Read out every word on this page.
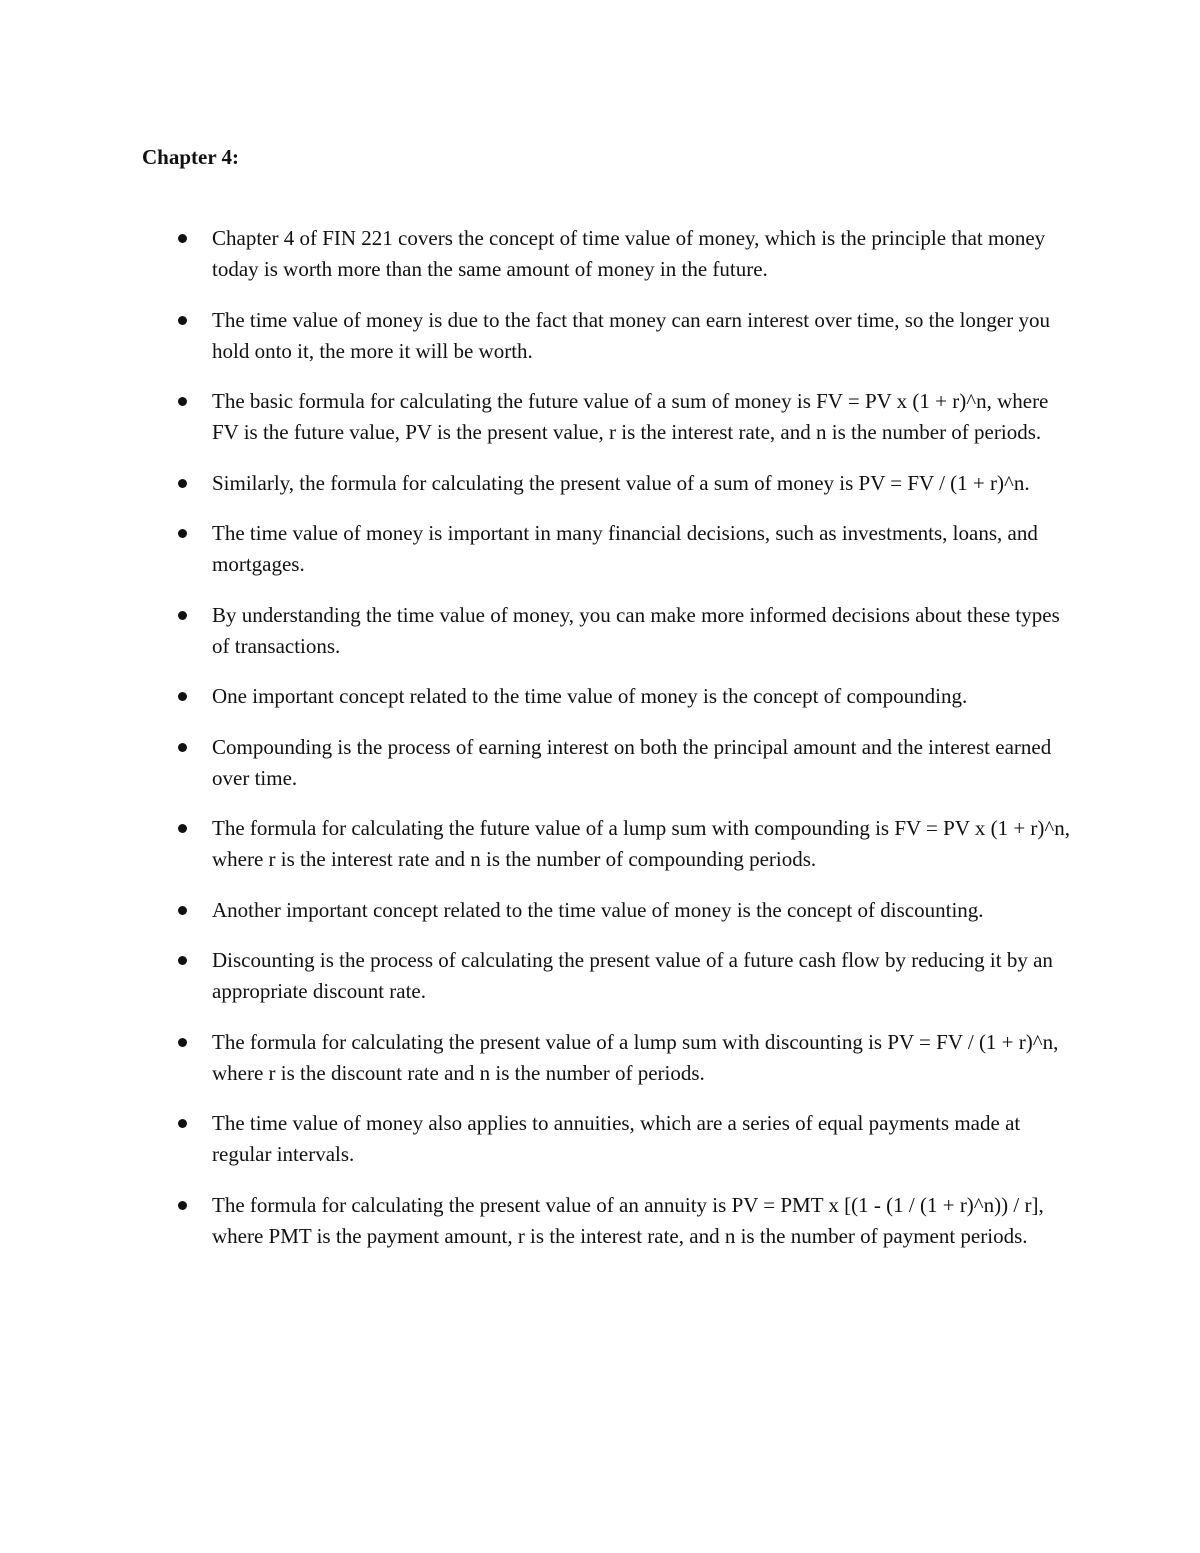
Chapter 4:
Chapter 4 of FIN 221 covers the concept of time value of money, which is the principle that money today is worth more than the same amount of money in the future.
The time value of money is due to the fact that money can earn interest over time, so the longer you hold onto it, the more it will be worth.
The basic formula for calculating the future value of a sum of money is FV = PV x (1 + r)^n, where FV is the future value, PV is the present value, r is the interest rate, and n is the number of periods.
Similarly, the formula for calculating the present value of a sum of money is PV = FV / (1 + r)^n.
The time value of money is important in many financial decisions, such as investments, loans, and mortgages.
By understanding the time value of money, you can make more informed decisions about these types of transactions.
One important concept related to the time value of money is the concept of compounding.
Compounding is the process of earning interest on both the principal amount and the interest earned over time.
The formula for calculating the future value of a lump sum with compounding is FV = PV x (1 + r)^n, where r is the interest rate and n is the number of compounding periods.
Another important concept related to the time value of money is the concept of discounting.
Discounting is the process of calculating the present value of a future cash flow by reducing it by an appropriate discount rate.
The formula for calculating the present value of a lump sum with discounting is PV = FV / (1 + r)^n, where r is the discount rate and n is the number of periods.
The time value of money also applies to annuities, which are a series of equal payments made at regular intervals.
The formula for calculating the present value of an annuity is PV = PMT x [(1 - (1 / (1 + r)^n)) / r], where PMT is the payment amount, r is the interest rate, and n is the number of payment periods.
